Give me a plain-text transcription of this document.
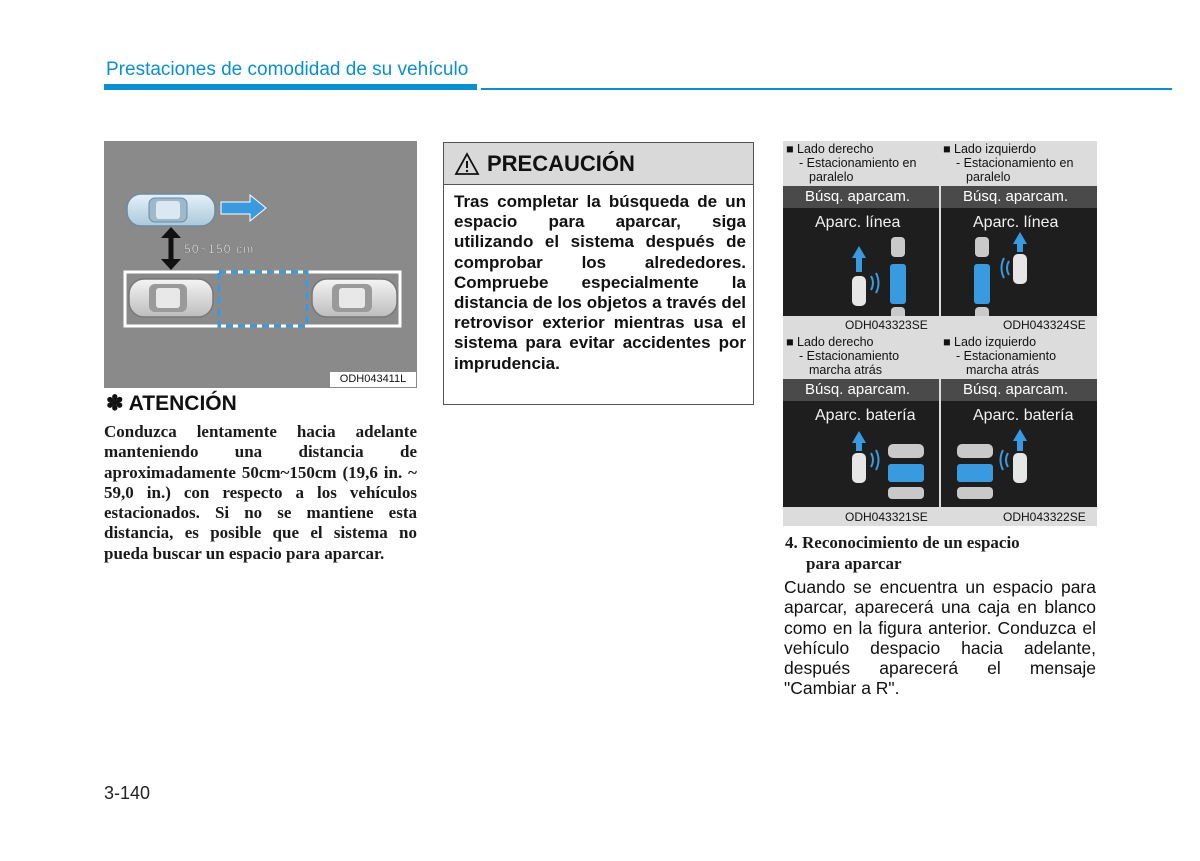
Prestaciones de comodidad de su vehículo
50~150 cm
ODH043411L
✽ ATENCIÓN
Conduzca lentamente hacia adelante manteniendo una distancia de aproximadamente 50cm~150cm (19,6 in. ~ 59,0 in.) con respecto a los vehículos estacionados. Si no se mantiene esta distancia, es posible que el sistema no pueda buscar un espacio para aparcar.
PRECAUCIÓN
Tras completar la búsqueda de un espacio para aparcar, siga utilizando el sistema después de comprobar los alrededores. Compruebe especialmente la distancia de los objetos a través del retrovisor exterior mientras usa el sistema para evitar accidentes por imprudencia.
■ Lado derecho
- Estacionamiento en
paralelo
Búsq. aparcam.
Aparc. línea
ODH043323SE
■ Lado izquierdo
- Estacionamiento en
paralelo
Búsq. aparcam.
Aparc. línea
ODH043324SE
■ Lado derecho
- Estacionamiento
marcha atrás
Búsq. aparcam.
Aparc. batería
ODH043321SE
■ Lado izquierdo
- Estacionamiento
marcha atrás
Búsq. aparcam.
Aparc. batería
ODH043322SE
4. Reconocimiento de un espacio
para aparcar
Cuando se encuentra un espacio para aparcar, aparecerá una caja en blanco como en la figura anterior. Conduzca el vehículo despacio hacia adelante, después aparecerá el mensaje "Cambiar a R".
3-140
